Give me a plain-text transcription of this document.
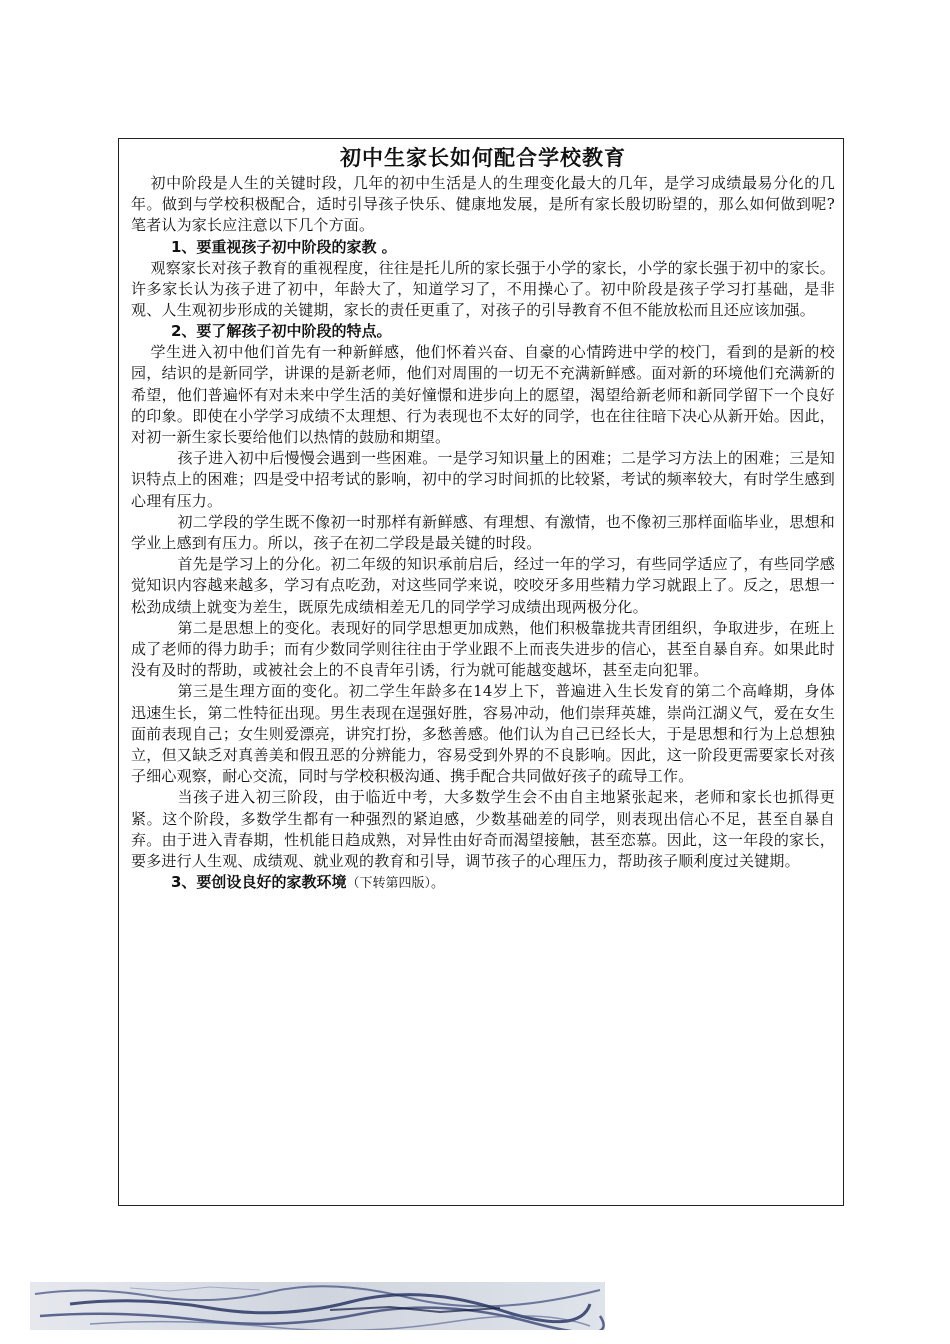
初中生家长如何配合学校教育

初中阶段是人生的关键时段，几年的初中生活是人的生理变化最大的几年，是学习成绩最易分化的几年。做到与学校积极配合，适时引导孩子快乐、健康地发展，是所有家长殷切盼望的，那么如何做到呢?笔者认为家长应注意以下几个方面。

1、要重视孩子初中阶段的家教 。

观察家长对孩子教育的重视程度，往往是托儿所的家长强于小学的家长，小学的家长强于初中的家长。许多家长认为孩子进了初中，年龄大了，知道学习了，不用操心了。初中阶段是孩子学习打基础，是非观、人生观初步形成的关键期，家长的责任更重了，对孩子的引导教育不但不能放松而且还应该加强。

2、要了解孩子初中阶段的特点。

学生进入初中他们首先有一种新鲜感，他们怀着兴奋、自豪的心情跨进中学的校门，看到的是新的校园，结识的是新同学，讲课的是新老师，他们对周围的一切无不充满新鲜感。面对新的环境他们充满新的希望，他们普遍怀有对未来中学生活的美好憧憬和进步向上的愿望，渴望给新老师和新同学留下一个良好的印象。即使在小学学习成绩不太理想、行为表现也不太好的同学，也在往往暗下决心从新开始。因此，对初一新生家长要给他们以热情的鼓励和期望。

孩子进入初中后慢慢会遇到一些困难。一是学习知识量上的困难；二是学习方法上的困难；三是知识特点上的困难；四是受中招考试的影响，初中的学习时间抓的比较紧，考试的频率较大，有时学生感到心理有压力。

初二学段的学生既不像初一时那样有新鲜感、有理想、有激情，也不像初三那样面临毕业，思想和学业上感到有压力。所以，孩子在初二学段是最关键的时段。

首先是学习上的分化。初二年级的知识承前启后，经过一年的学习，有些同学适应了，有些同学感觉知识内容越来越多，学习有点吃劲，对这些同学来说，咬咬牙多用些精力学习就跟上了。反之，思想一松劲成绩上就变为差生，既原先成绩相差无几的同学学习成绩出现两极分化。

第二是思想上的变化。表现好的同学思想更加成熟，他们积极靠拢共青团组织，争取进步，在班上成了老师的得力助手；而有少数同学则往往由于学业跟不上而丧失进步的信心，甚至自暴自弃。如果此时没有及时的帮助，或被社会上的不良青年引诱，行为就可能越变越坏，甚至走向犯罪。

第三是生理方面的变化。初二学生年龄多在14岁上下，普遍进入生长发育的第二个高峰期，身体迅速生长，第二性特征出现。男生表现在逞强好胜，容易冲动，他们崇拜英雄，崇尚江湖义气，爱在女生面前表现自己；女生则爱漂亮，讲究打扮，多愁善感。他们认为自己已经长大，于是思想和行为上总想独立，但又缺乏对真善美和假丑恶的分辨能力，容易受到外界的不良影响。因此，这一阶段更需要家长对孩子细心观察，耐心交流，同时与学校积极沟通、携手配合共同做好孩子的疏导工作。

当孩子进入初三阶段，由于临近中考，大多数学生会不由自主地紧张起来，老师和家长也抓得更紧。这个阶段，多数学生都有一种强烈的紧迫感，少数基础差的同学，则表现出信心不足，甚至自暴自弃。由于进入青春期，性机能日趋成熟，对异性由好奇而渴望接触，甚至恋慕。因此，这一年段的家长，要多进行人生观、成绩观、就业观的教育和引导，调节孩子的心理压力，帮助孩子顺利度过关键期。

3、要创设良好的家教环境（下转第四版）。
